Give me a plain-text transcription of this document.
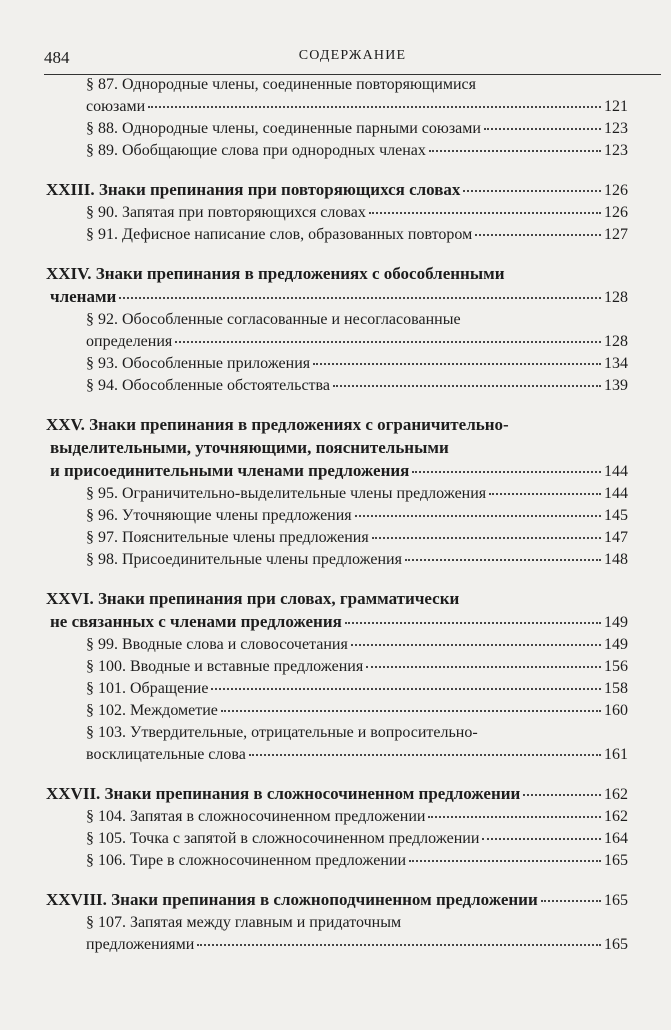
484	СОДЕРЖАНИЕ
§ 87. Однородные члены, соединенные повторяющимися
союзами	121
§ 88. Однородные члены, соединенные парными союзами	123
§ 89. Обобщающие слова при однородных членах	123
XXIII. Знаки препинания при повторяющихся словах	126
§ 90. Запятая при повторяющихся словах	126
§ 91. Дефисное написание слов, образованных повтором	127
XXIV. Знаки препинания в предложениях с обособленными
членами	128
§ 92. Обособленные согласованные и несогласованные
определения	128
§ 93. Обособленные приложения	134
§ 94. Обособленные обстоятельства	139
XXV. Знаки препинания в предложениях с ограничительно-
выделительными, уточняющими, пояснительными
и присоединительными членами предложения	144
§ 95. Ограничительно-выделительные члены предложения	144
§ 96. Уточняющие члены предложения	145
§ 97. Пояснительные члены предложения	147
§ 98. Присоединительные члены предложения	148
XXVI. Знаки препинания при словах, грамматически
не связанных с членами предложения	149
§ 99. Вводные слова и словосочетания	149
§ 100. Вводные и вставные предложения	156
§ 101. Обращение	158
§ 102. Междометие	160
§ 103. Утвердительные, отрицательные и вопросительно-
восклицательные слова	161
XXVII. Знаки препинания в сложносочиненном предложении	162
§ 104. Запятая в сложносочиненном предложении	162
§ 105. Точка с запятой в сложносочиненном предложении	164
§ 106. Тире в сложносочиненном предложении	165
XXVIII. Знаки препинания в сложноподчиненном предложении	165
§ 107. Запятая между главным и придаточным
предложениями	165
